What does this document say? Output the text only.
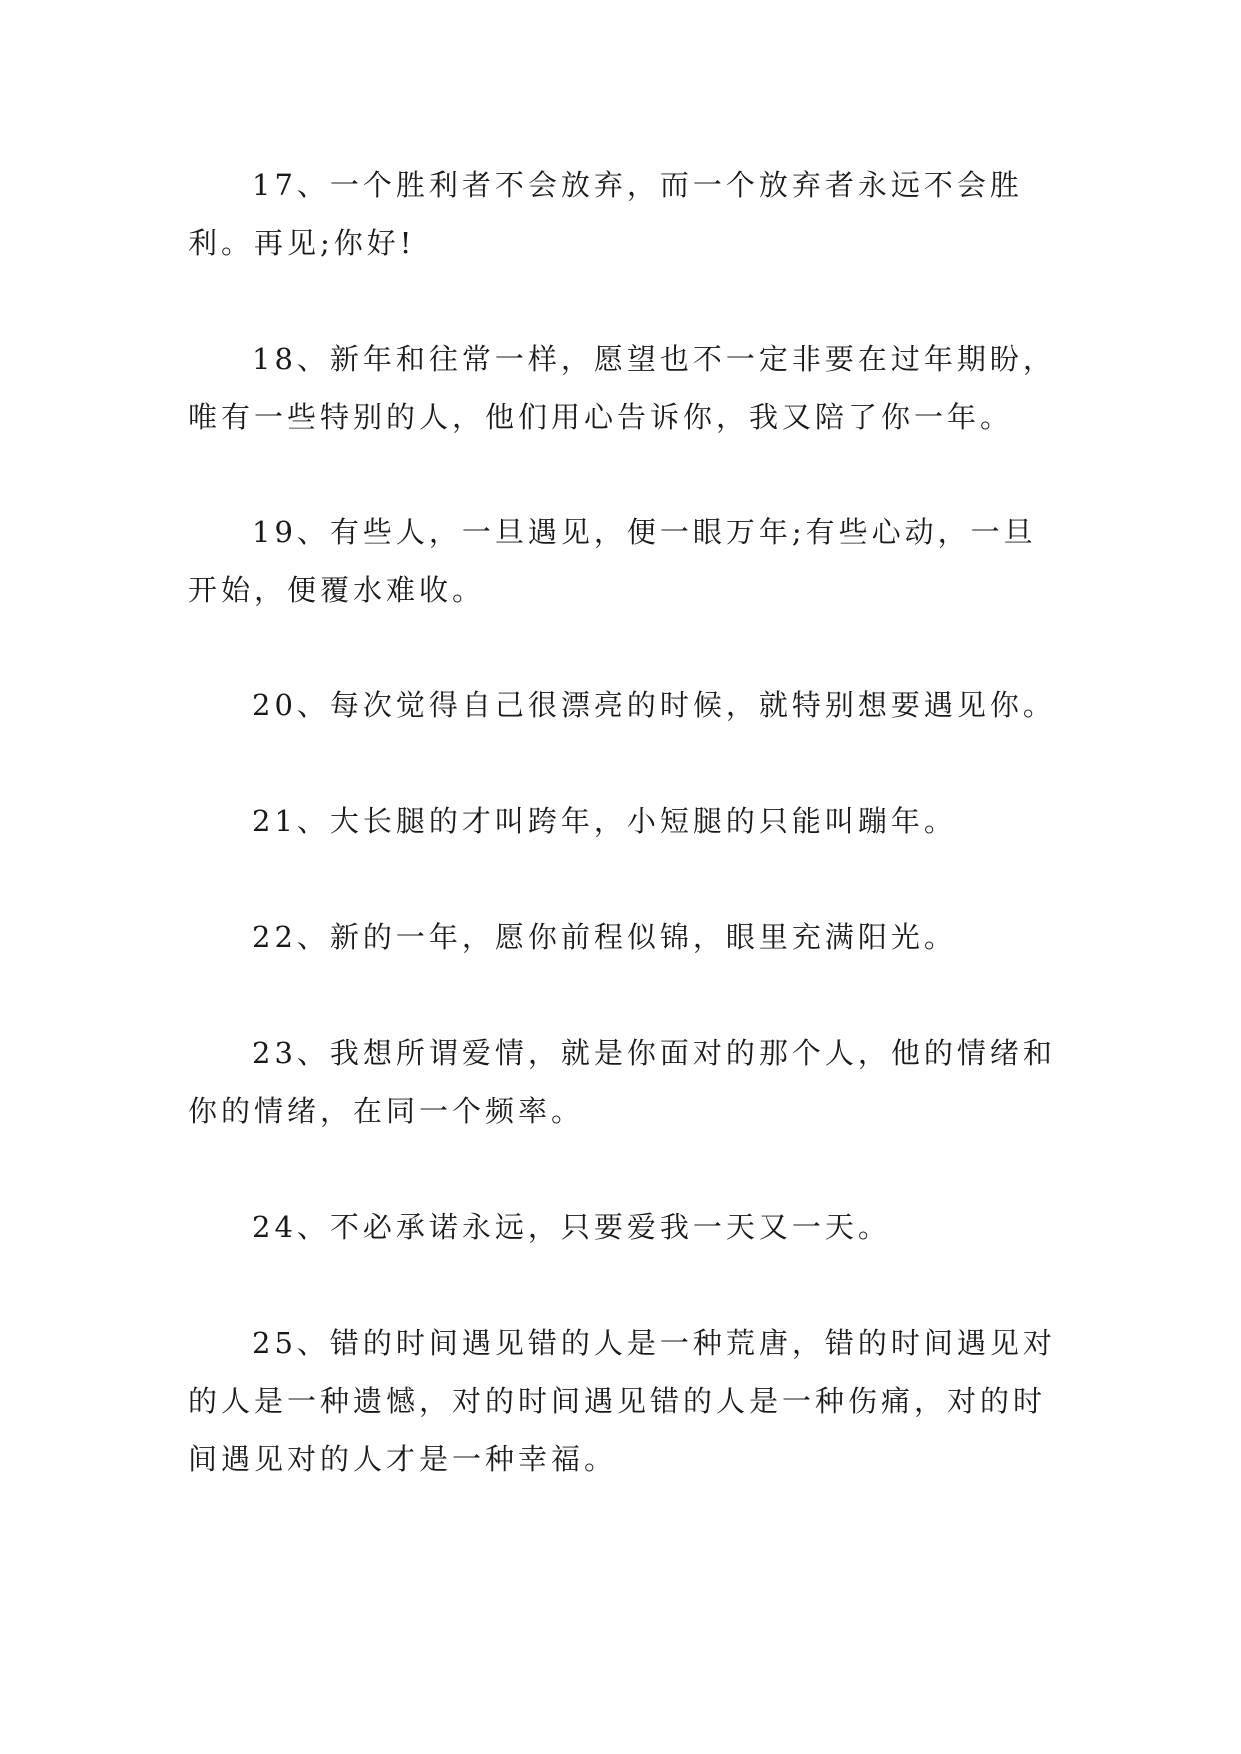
17、一个胜利者不会放弃，而一个放弃者永远不会胜利。再见;你好!

18、新年和往常一样，愿望也不一定非要在过年期盼，唯有一些特别的人，他们用心告诉你，我又陪了你一年。

19、有些人，一旦遇见，便一眼万年;有些心动，一旦开始，便覆水难收。

20、每次觉得自己很漂亮的时候，就特别想要遇见你。

21、大长腿的才叫跨年，小短腿的只能叫蹦年。

22、新的一年，愿你前程似锦，眼里充满阳光。

23、我想所谓爱情，就是你面对的那个人，他的情绪和你的情绪，在同一个频率。

24、不必承诺永远，只要爱我一天又一天。

25、错的时间遇见错的人是一种荒唐，错的时间遇见对的人是一种遗憾，对的时间遇见错的人是一种伤痛，对的时间遇见对的人才是一种幸福。
